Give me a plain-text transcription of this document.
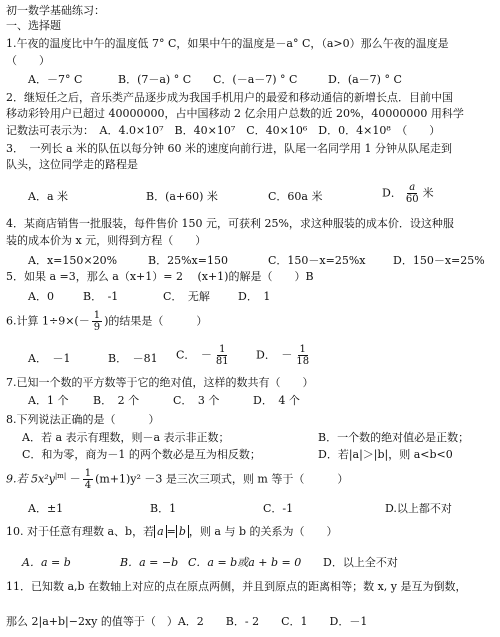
初一数学基础练习：
一、选择题
1.午夜的温度比中午的温度低 7° C，如果中午的温度是－a° C，（a>0）那么午夜的温度是
（　　）
A．－7° C	B．(7－a) ° C C．(－a－7) ° C	D．(a－7) ° C
2．继短任之后，音乐类产品逐步成为我国手机用户的最爱和移动通信的新增长点．目前中国
移动彩铃用户已超过 40000000，占中国移动 2 亿余用户总数的近 20%，40000000 用科学
记数法可表示为：　A．4.0×10⁷　B．40×10⁷　C．40×10⁶　D．0．4×10⁸　（　　）
3．　一列长 a 米的队伍以每分钟 60 米的速度向前行进，队尾一名同学用 1 分钟从队尾走到
队头，这位同学走的路程是
A．a 米	B．(a+60) 米	C．60a 米	D． $\frac{a}{60}$ 米
4．某商店销售一批服装，每件售价 150 元，可获利 25%，求这种服装的成本价．设这种服
装的成本价为 x 元，则得到方程（　　）
A．x=150×20%	B．25%x=150	C．150－x=25%x	D．150－x=25%
5．如果 a =3，那么 a（x+1）= 2 　(x+1)的解是（　　）B
A．0	B．　-1	C．　无解	D．　1
6.计算 $1\div 9\times(- \frac{1}{9}$ )的结果是（　　　）
A．　－1	B．　－81 C．　－ $\frac{1}{81}$ D．　－ $\frac{1}{18}$
7.已知一个数的平方数等于它的绝对值，这样的数共有（　　）
A．1 个 B．　2 个	C．　3 个	D．　4 个
8.下列说法正确的是（　　　）
A．若 a 表示有理数，则－a 表示非正数；	B．一个数的绝对值必是正数；
C．和为零，商为－1 的两个数必是互为相反数；	D．若|a|＞|b|，则 a<b<0
9.若 $5x^2y^{|m|} - \frac{1}{4} (m+1)y^2 -3$ 是三次三项式，则 m 等于（　　　）
A．±1	B．1	C．-1	D.以上都不对
10. 对于任意有理数 a、b，若 a = b ，则 a 与 b 的关系为（　　）
A．a = b	B．a = −b C．a = b或a + b = 0 D．以上全不对
11．已知数 a,b 在数轴上对应的点在原点两侧，并且到原点的距离相等；数 x, y 是互为倒数，
那么 2|a+b|−2xy 的值等于（　）A．2　　B．- 2　　C．1　　D．－1
